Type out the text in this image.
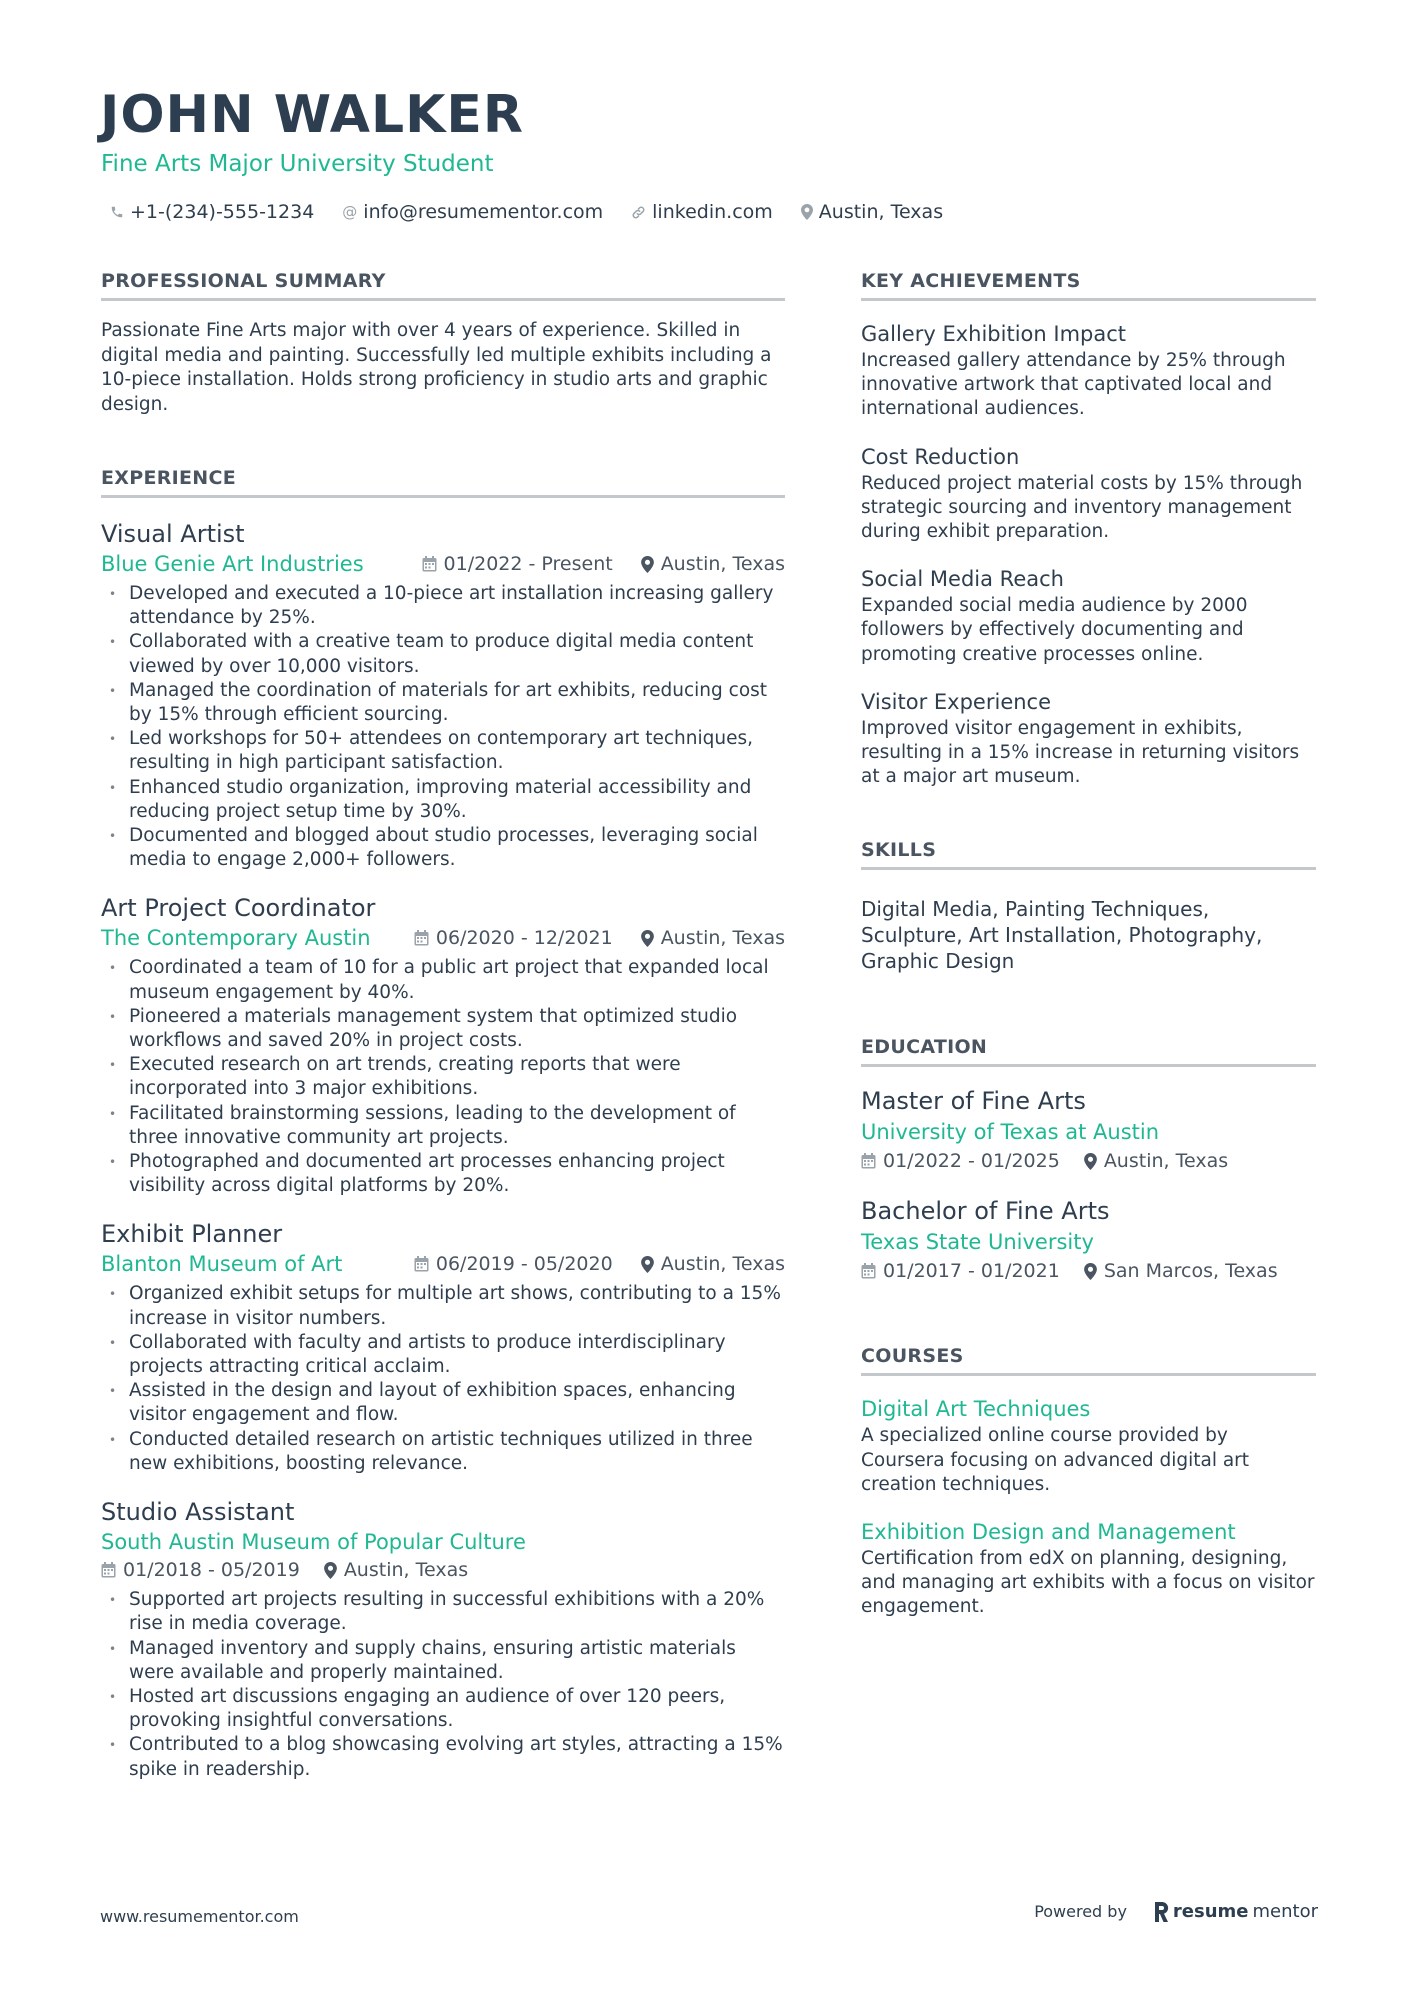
JOHN WALKER
Fine Arts Major University Student
+1-(234)-555-1234 @ info@resumementor.com	linkedin.com Austin, Texas
PROFESSIONAL SUMMARY

Passionate Fine Arts major with over 4 years of experience. Skilled in digital media and painting. Successfully led multiple exhibits including a 10-piece installation. Holds strong proficiency in studio arts and graphic design.

EXPERIENCE
Visual Artist
Blue Genie Art Industries	01/2022 - Present	Austin, Texas
• Developed and executed a 10-piece art installation increasing gallery attendance by 25%.
• Collaborated with a creative team to produce digital media content viewed by over 10,000 visitors.
• Managed the coordination of materials for art exhibits, reducing cost by 15% through efficient sourcing.
• Led workshops for 50+ attendees on contemporary art techniques, resulting in high participant satisfaction.
• Enhanced studio organization, improving material accessibility and reducing project setup time by 30%.
• Documented and blogged about studio processes, leveraging social media to engage 2,000+ followers.
Art Project Coordinator
The Contemporary Austin	06/2020 - 12/2021	Austin, Texas
• Coordinated a team of 10 for a public art project that expanded local museum engagement by 40%.
• Pioneered a materials management system that optimized studio workflows and saved 20% in project costs.
• Executed research on art trends, creating reports that were incorporated into 3 major exhibitions.
• Facilitated brainstorming sessions, leading to the development of three innovative community art projects.
• Photographed and documented art processes enhancing project visibility across digital platforms by 20%.
Exhibit Planner
Blanton Museum of Art	06/2019 - 05/2020	Austin, Texas
• Organized exhibit setups for multiple art shows, contributing to a 15% increase in visitor numbers.
• Collaborated with faculty and artists to produce interdisciplinary projects attracting critical acclaim.
• Assisted in the design and layout of exhibition spaces, enhancing visitor engagement and flow.
• Conducted detailed research on artistic techniques utilized in three new exhibitions, boosting relevance.
Studio Assistant
South Austin Museum of Popular Culture
01/2018 - 05/2019 Austin, Texas
• Supported art projects resulting in successful exhibitions with a 20% rise in media coverage.
• Managed inventory and supply chains, ensuring artistic materials were available and properly maintained.
• Hosted art discussions engaging an audience of over 120 peers, provoking insightful conversations.
• Contributed to a blog showcasing evolving art styles, attracting a 15% spike in readership.
KEY ACHIEVEMENTS
Gallery Exhibition Impact
Increased gallery attendance by 25% through innovative artwork that captivated local and international audiences.
Cost Reduction
Reduced project material costs by 15% through strategic sourcing and inventory management during exhibit preparation.
Social Media Reach
Expanded social media audience by 2000 followers by effectively documenting and promoting creative processes online.
Visitor Experience
Improved visitor engagement in exhibits, resulting in a 15% increase in returning visitors at a major art museum.
SKILLS
Digital Media, Painting Techniques, Sculpture, Art Installation, Photography, Graphic Design
EDUCATION
Master of Fine Arts
University of Texas at Austin
01/2022 - 01/2025 Austin, Texas
Bachelor of Fine Arts
Texas State University
01/2017 - 01/2021 San Marcos, Texas
COURSES
Digital Art Techniques
A specialized online course provided by Coursera focusing on advanced digital art creation techniques.
Exhibition Design and Management
Certification from edX on planning, designing, and managing art exhibits with a focus on visitor engagement.
www.resumementor.com	Powered by	resume mentor
